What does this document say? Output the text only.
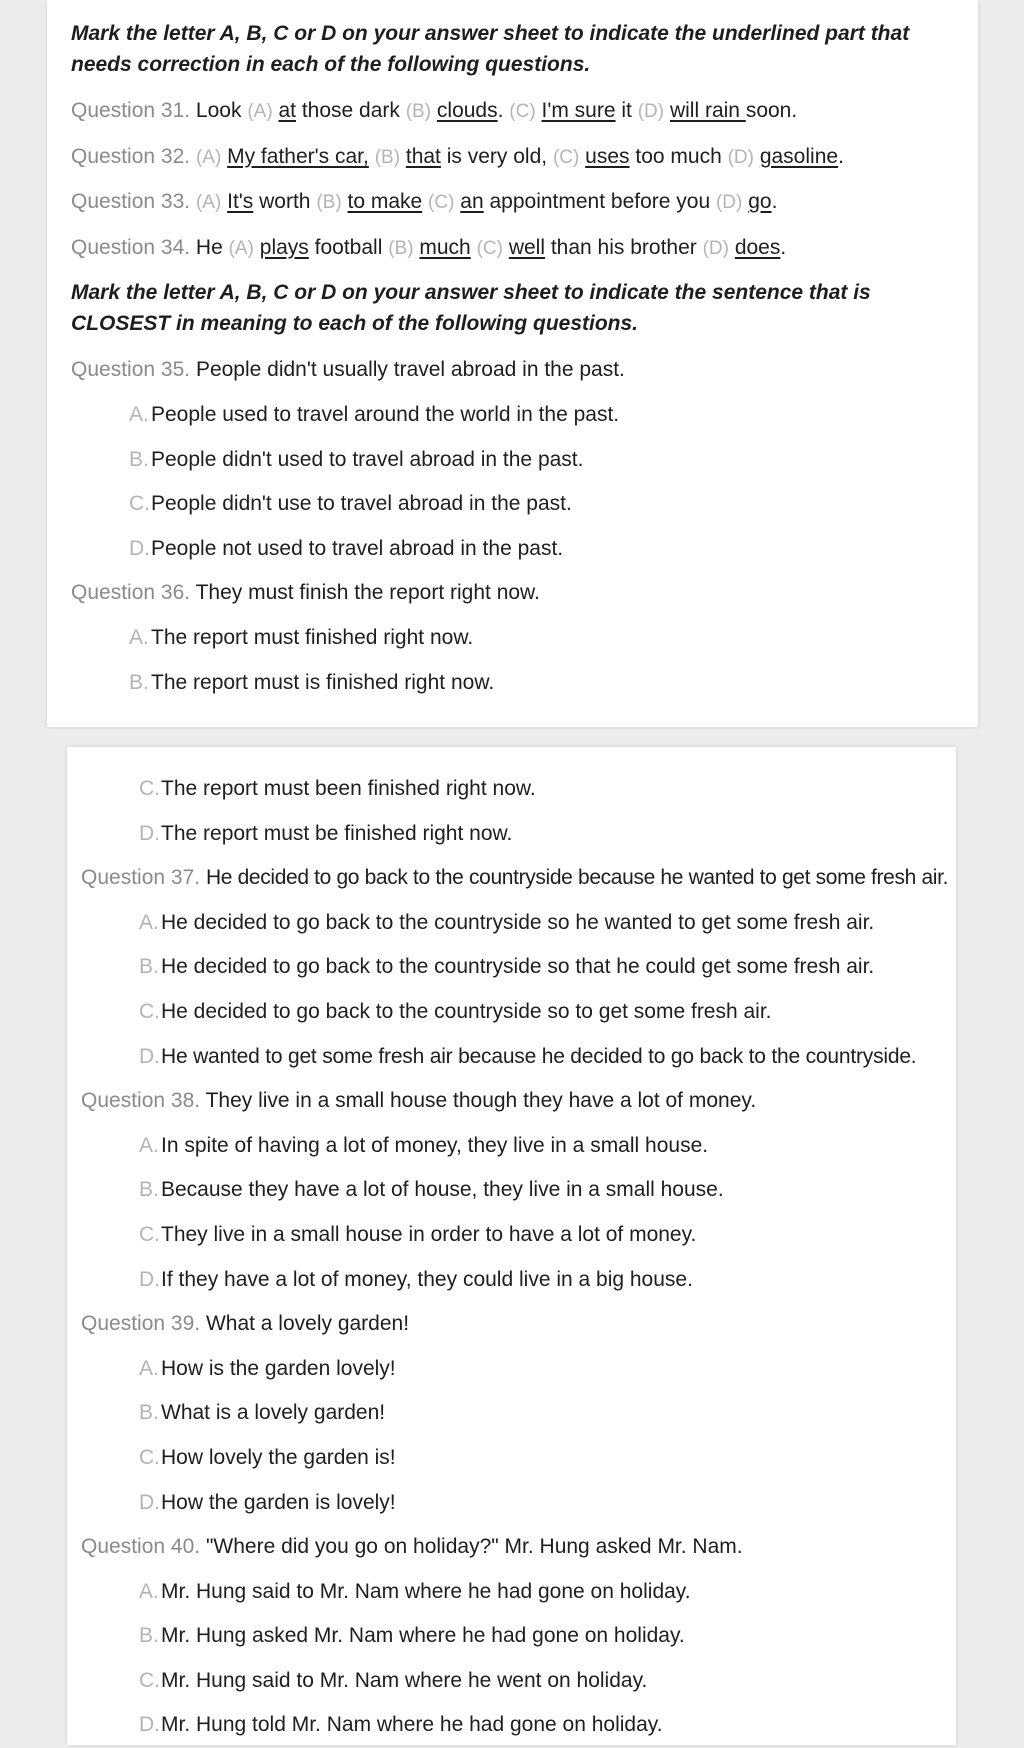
Mark the letter A, B, C or D on your answer sheet to indicate the underlined part that needs correction in each of the following questions.
Question 31. Look (A) at those dark (B) clouds. (C) I'm sure it (D) will rain soon.
Question 32. (A) My father's car, (B) that is very old, (C) uses too much (D) gasoline.
Question 33. (A) It's worth (B) to make (C) an appointment before you (D) go.
Question 34. He (A) plays football (B) much (C) well than his brother (D) does.
Mark the letter A, B, C or D on your answer sheet to indicate the sentence that is CLOSEST in meaning to each of the following questions.
Question 35. People didn't usually travel abroad in the past.
A. People used to travel around the world in the past.
B. People didn't used to travel abroad in the past.
C.People didn't use to travel abroad in the past.
D.People not used to travel abroad in the past.
Question 36. They must finish the report right now.
A. The report must finished right now.
B. The report must is finished right now.
C.The report must been finished right now.
D.The report must be finished right now.
Question 37. He decided to go back to the countryside because he wanted to get some fresh air.
A. He decided to go back to the countryside so he wanted to get some fresh air.
B. He decided to go back to the countryside so that he could get some fresh air.
C.He decided to go back to the countryside so to get some fresh air.
D.He wanted to get some fresh air because he decided to go back to the countryside.
Question 38. They live in a small house though they have a lot of money.
A. In spite of having a lot of money, they live in a small house.
B. Because they have a lot of house, they live in a small house.
C.They live in a small house in order to have a lot of money.
D.If they have a lot of money, they could live in a big house.
Question 39. What a lovely garden!
A. How is the garden lovely!
B. What is a lovely garden!
C.How lovely the garden is!
D.How the garden is lovely!
Question 40. "Where did you go on holiday?" Mr. Hung asked Mr. Nam.
A. Mr. Hung said to Mr. Nam where he had gone on holiday.
B. Mr. Hung asked Mr. Nam where he had gone on holiday.
C.Mr. Hung said to Mr. Nam where he went on holiday.
D.Mr. Hung told Mr. Nam where he had gone on holiday.
